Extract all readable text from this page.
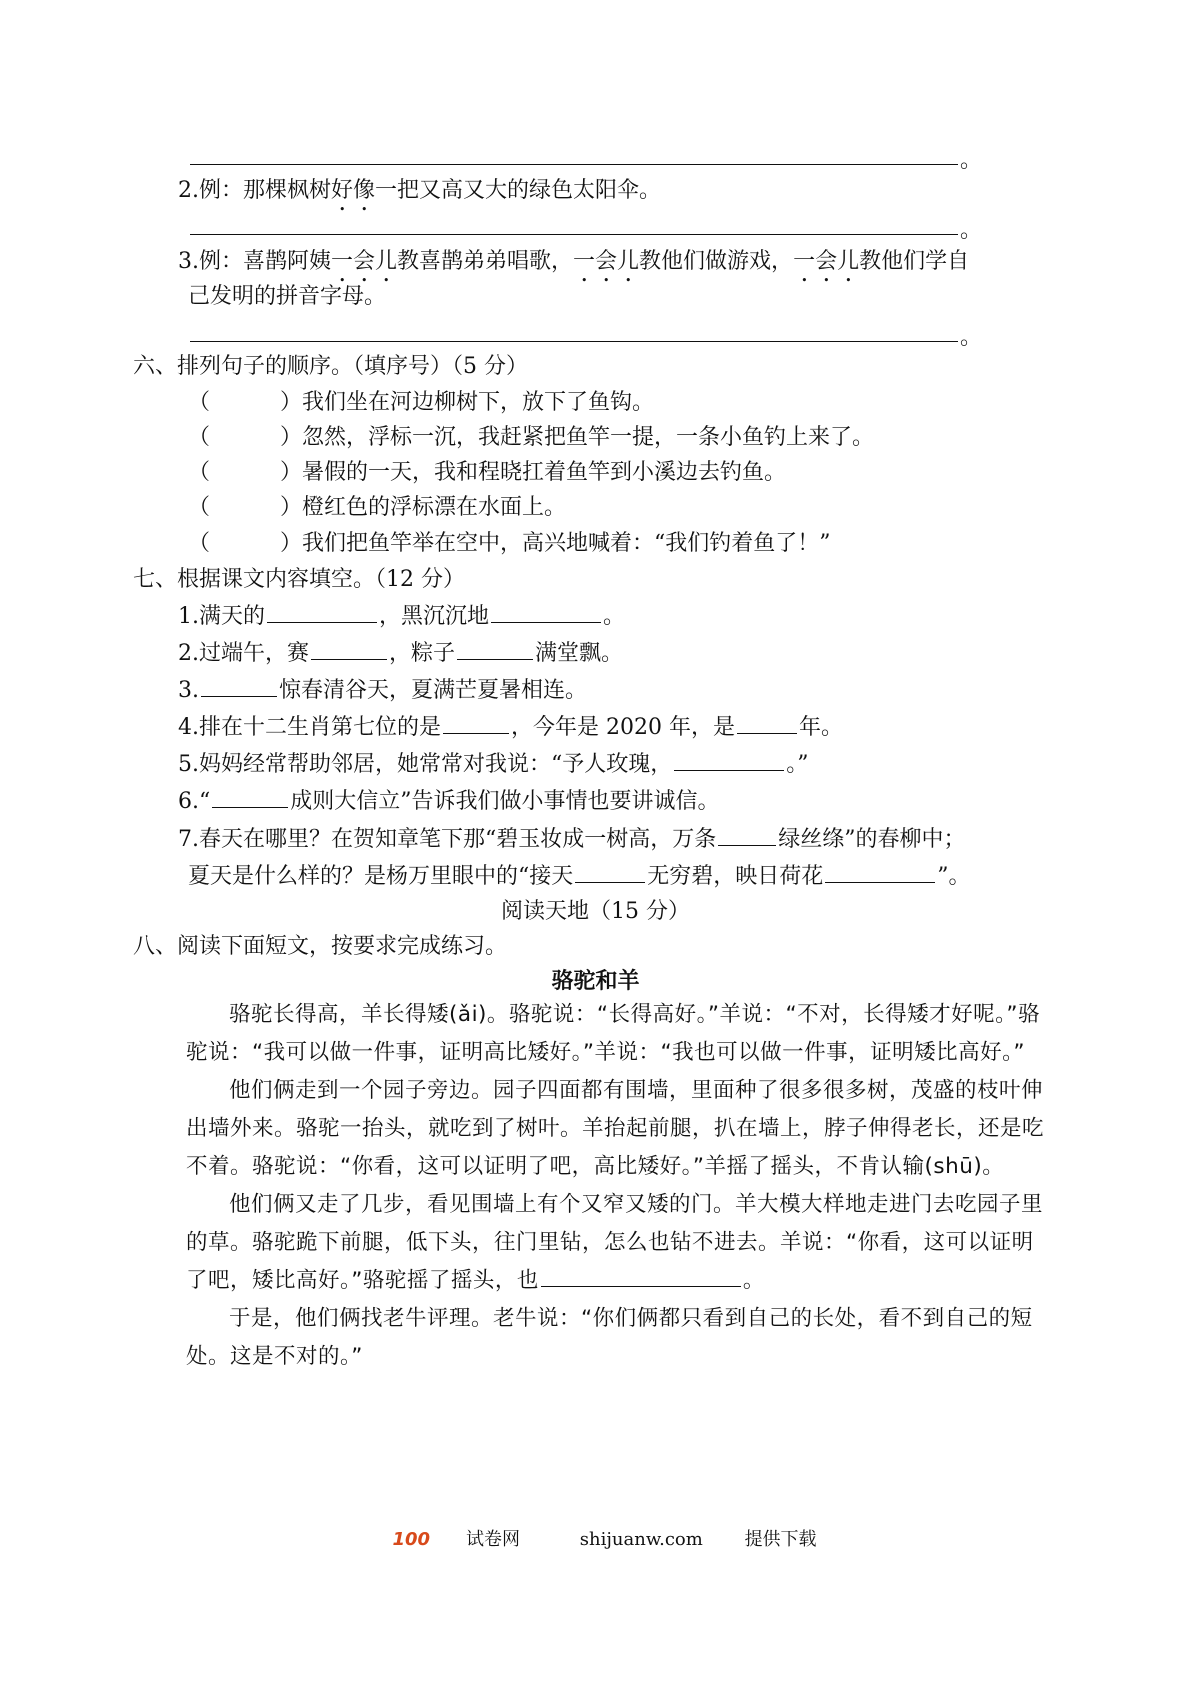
。
2.例：那棵枫树好像一把又高又大的绿色太阳伞。
。
3.例：喜鹊阿姨一会儿教喜鹊弟弟唱歌，一会儿教他们做游戏，一会儿教他们学自
己发明的拼音字母。
。
六、排列句子的顺序。（填序号）（5 分）
（	）我们坐在河边柳树下，放下了鱼钩。
（	）忽然，浮标一沉，我赶紧把鱼竿一提，一条小鱼钓上来了。
（	）暑假的一天，我和程晓扛着鱼竿到小溪边去钓鱼。
（	）橙红色的浮标漂在水面上。
（	）我们把鱼竿举在空中，高兴地喊着：“我们钓着鱼了！”
七、根据课文内容填空。（12 分）
1.满天的	，黑沉沉地	。
2.过端午，赛	，粽子	满堂飘。
3.	惊春清谷天，夏满芒夏暑相连。
4.排在十二生肖第七位的是	，今年是 2020 年，是	年。
5.妈妈经常帮助邻居，她常常对我说：“予人玫瑰，	。”
6.“	成则大信立”告诉我们做小事情也要讲诚信。
7.春天在哪里？在贺知章笔下那“碧玉妆成一树高，万条	绿丝绦”的春柳中；
夏天是什么样的？是杨万里眼中的“接天	无穷碧，映日荷花	”。
阅读天地（15 分）
八、阅读下面短文，按要求完成练习。
骆驼和羊

骆驼长得高，羊长得矮(ǎi)。骆驼说：“长得高好。”羊说：“不对，长得矮才好呢。”骆驼说：“我可以做一件事，证明高比矮好。”羊说：“我也可以做一件事，证明矮比高好。”

他们俩走到一个园子旁边。园子四面都有围墙，里面种了很多很多树，茂盛的枝叶伸出墙外来。骆驼一抬头，就吃到了树叶。羊抬起前腿，扒在墙上，脖子伸得老长，还是吃不着。骆驼说：“你看，这可以证明了吧，高比矮好。”羊摇了摇头，不肯认输(shū)。

他们俩又走了几步，看见围墙上有个又窄又矮的门。羊大模大样地走进门去吃园子里的草。骆驼跪下前腿，低下头，往门里钻，怎么也钻不进去。羊说：“你看，这可以证明了吧，矮比高好。”骆驼摇了摇头，也	。

于是，他们俩找老牛评理。老牛说：“你们俩都只看到自己的长处，看不到自己的短处。这是不对的。”

100 试卷网	shijuanw.com 提供下载
